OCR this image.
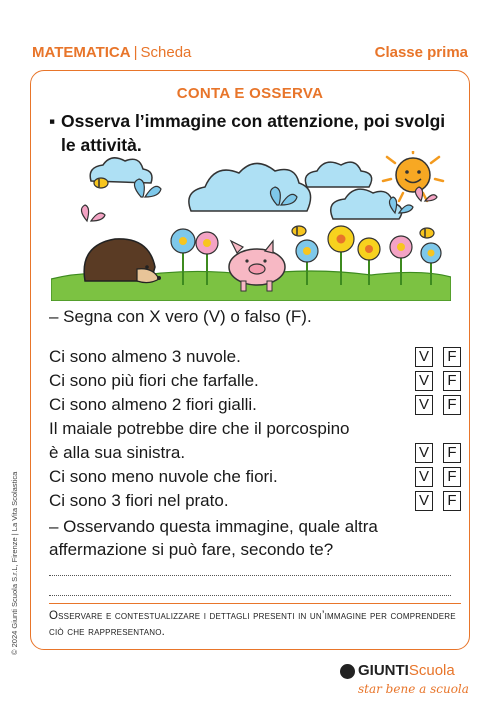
MATEMATICA | Scheda	Classe prima
CONTA E OSSERVA
▪ Osserva l’immagine con attenzione, poi svolgi le attività.
– Segna con X vero (V) o falso (F).
Ci sono almeno 3 nuvole.	V F
Ci sono più fiori che farfalle.	V F
Ci sono almeno 2 fiori gialli.	V F
Il maiale potrebbe dire che il porcospino
è alla sua sinistra.	V F
Ci sono meno nuvole che fiori.	V F
Ci sono 3 fiori nel prato.	V F
– Osservando questa immagine, quale altra affermazione si può fare, secondo te?
Osservare e contestualizzare i dettagli presenti in un’immagine per comprendere ciò che rappresentano.
© 2024 Giunti Scuola S.r.L, Firenze | La Vita Scolastica
GIUNTIScuola
star bene a scuola
